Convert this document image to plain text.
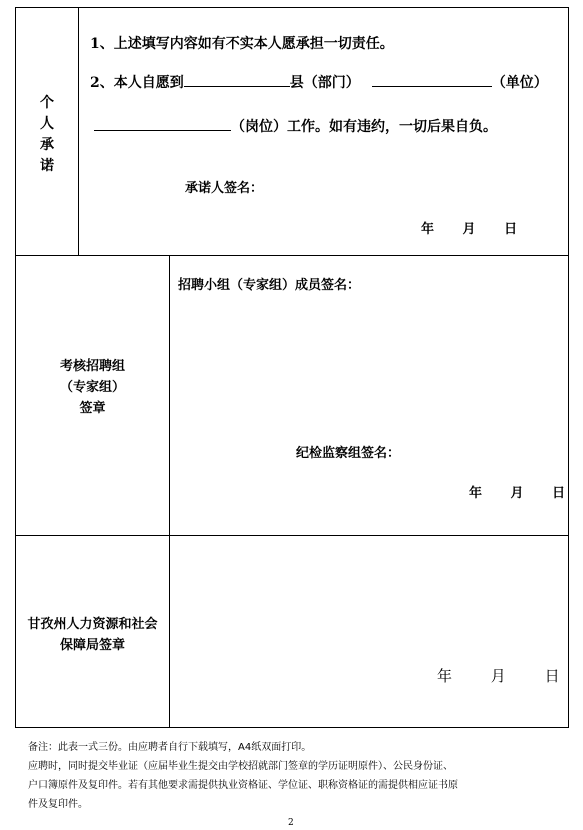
个
人
承
诺
1、上述填写内容如有不实本人愿承担一切责任。
2、本人自愿到	县（部门）	（单位）
（岗位）工作。如有违约，一切后果自负。
承诺人签名：
年 月 日
考核招聘组
（专家组）
签章
招聘小组（专家组）成员签名：
纪检监察组签名：
年 月 日
甘孜州人力资源和社会
保障局签章
年	月	日
备注：此表一式三份。由应聘者自行下载填写，A4纸双面打印。
应聘时，同时提交毕业证（应届毕业生提交由学校招就部门签章的学历证明原件）、公民身份证、
户口簿原件及复印件。若有其他要求需提供执业资格证、学位证、职称资格证的需提供相应证书原
件及复印件。
2
